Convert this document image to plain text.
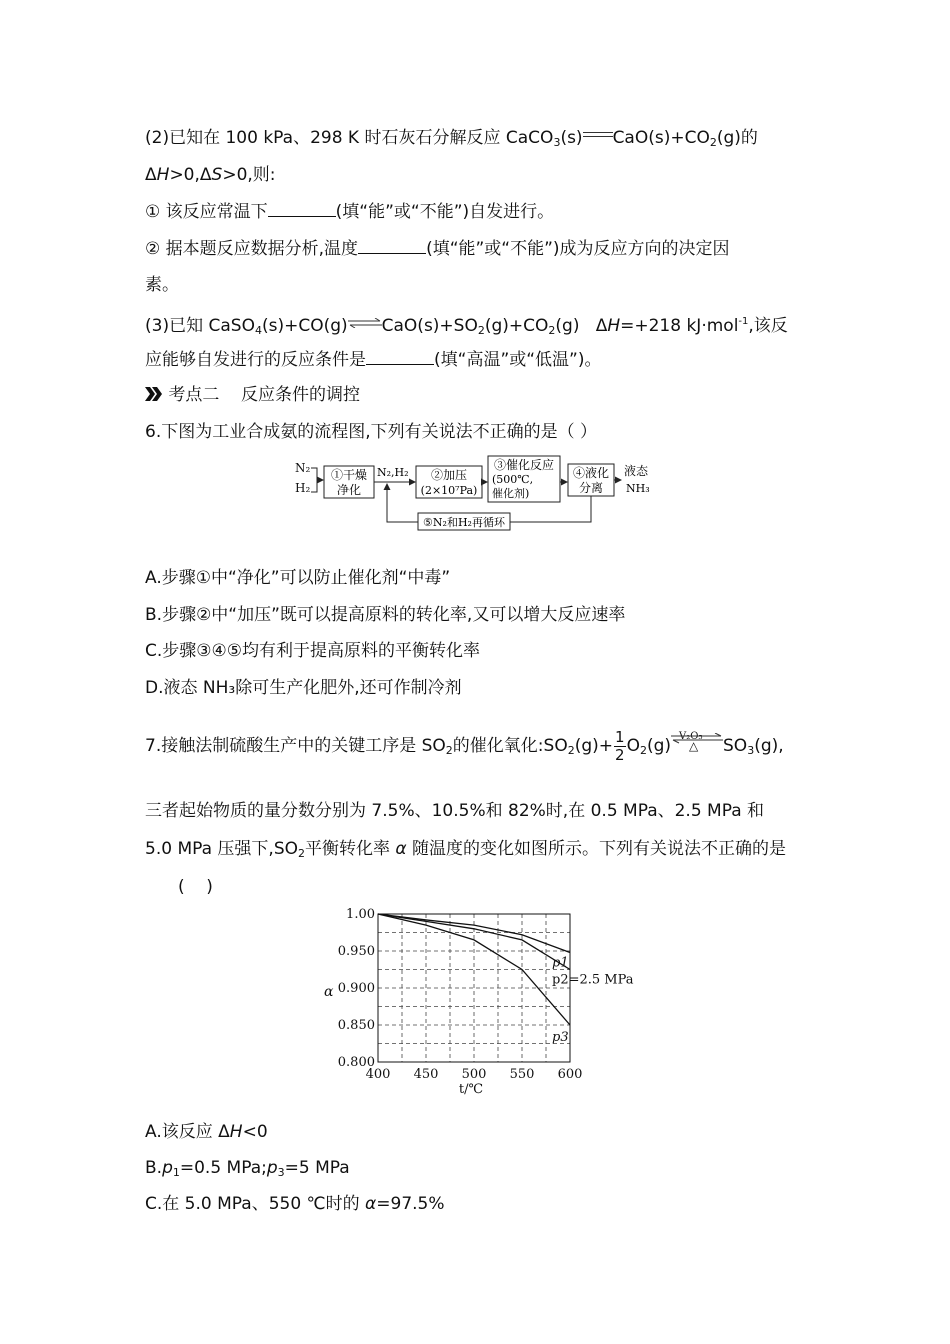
(2)已知在 100 kPa、298 K 时石灰石分解反应 CaCO$_3$(s) $CaO(s)+CO_2(g)$的
ΔH>0,ΔS>0,则:
① 该反应常温下	(填“能”或“不能”)自发进行。
② 据本题反应数据分析,温度	(填“能”或“不能”)成为反应方向的决定因
素。
(3)已知 $CaSO_4(s)+CO(g)\rightleftharpoons CaO(s)+SO_2(g)+CO_2(g)$   ΔH=+218 kJ·mol$^{-1}$,该反
应能够自发进行的反应条件是	(填“高温”或“低温”)。
考点二    反应条件的调控
6.下图为工业合成氨的流程图,下列有关说法不正确的是（ ）
N₂
H₂
①干燥
净化
N₂,H₂ ②加压
(2×10⁷Pa)
③催化反应
(500℃,
催化剂)
④液化
分离
液态
NH₃
⑤N₂和H₂再循环
A.步骤①中“净化”可以防止催化剂“中毒”
B.步骤②中“加压”既可以提高原料的转化率,又可以增大反应速率
C.步骤③④⑤均有利于提高原料的平衡转化率
D.液态 NH₃除可生产化肥外,还可作制冷剂
7.接触法制硫酸生产中的关键工序是 $SO_2$的催化氧化$:SO_2(g)+ \frac{1}{2} O_2(g)$ V₂O₅
△ $SO_3(g)$,
三者起始物质的量分数分别为 7.5%、10.5%和 82%时,在 0.5 MPa、2.5 MPa 和
5.0 MPa 压强下$,SO_2$平衡转化率 α 随温度的变化如图所示。下列有关说法不正确的是
(    )
400 450 500 550 600
0.800
0.850
0.900
0.950
1.00
t/℃
α
p1
p2=2.5 MPa
p3
A.该反应 ΔH<0
$B.p_1=0.5$ $MPa;p_3=5$ MPa
C.在 5.0 MPa、550 ℃时的 α=97.5%
